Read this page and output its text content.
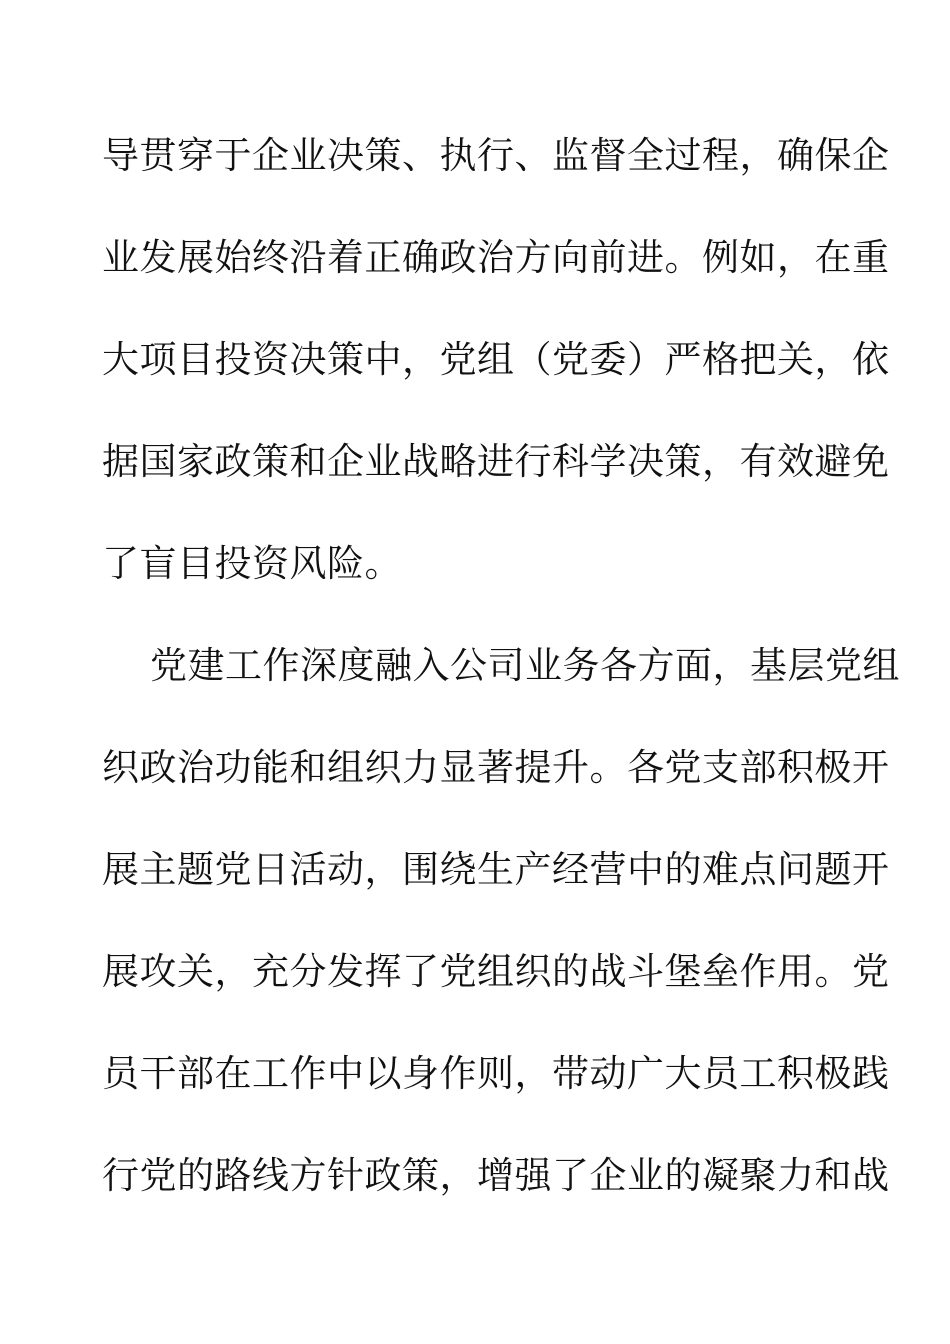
导贯穿于企业决策、执行、监督全过程，确保企
业发展始终沿着正确政治方向前进。例如，在重
大项目投资决策中，党组（党委）严格把关，依
据国家政策和企业战略进行科学决策，有效避免
了盲目投资风险。
党建工作深度融入公司业务各方面，基层党组
织政治功能和组织力显著提升。各党支部积极开
展主题党日活动，围绕生产经营中的难点问题开
展攻关，充分发挥了党组织的战斗堡垒作用。党
员干部在工作中以身作则，带动广大员工积极践
行党的路线方针政策，增强了企业的凝聚力和战
